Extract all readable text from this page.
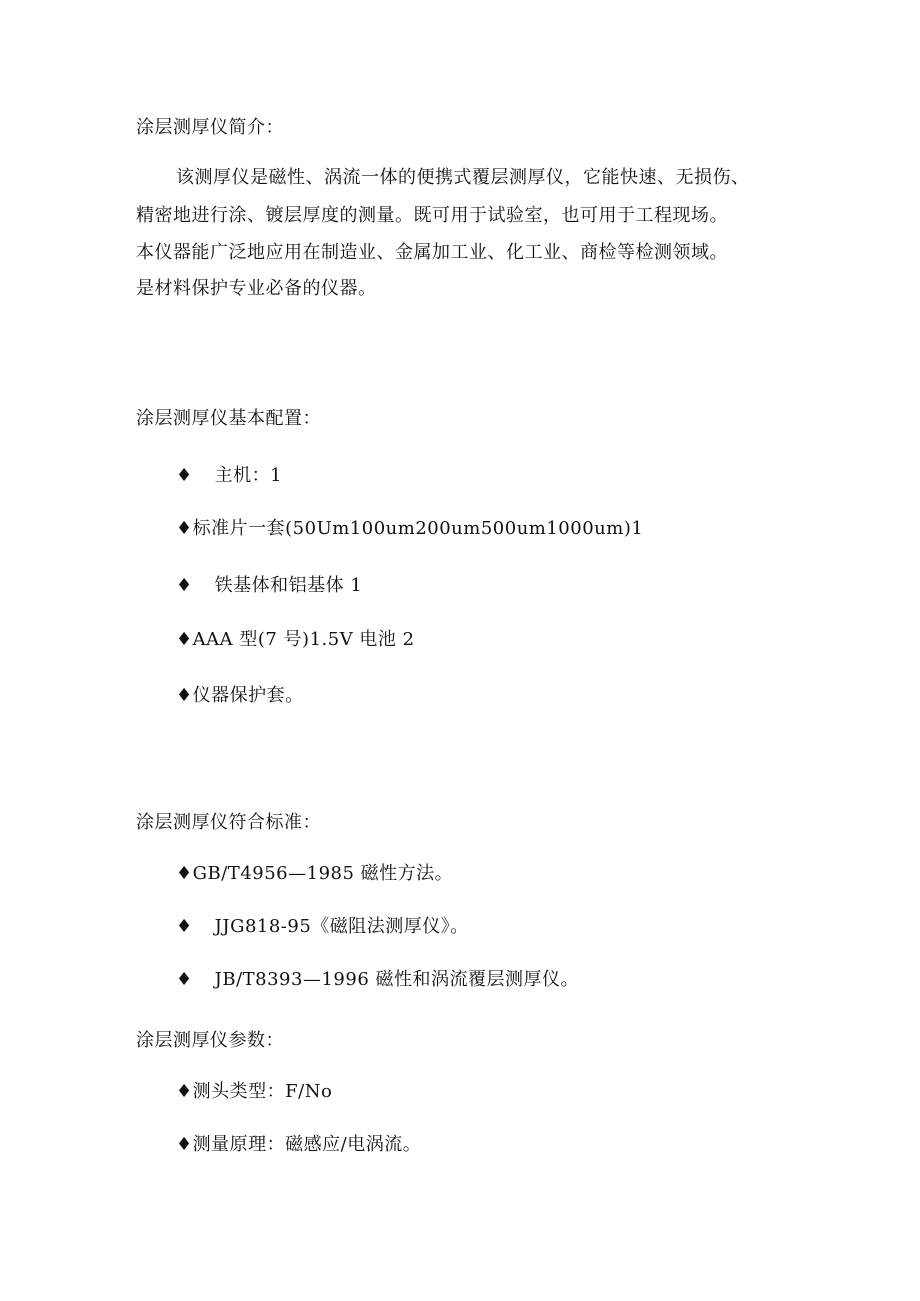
涂层测厚仪简介：
该测厚仪是磁性、涡流一体的便携式覆层测厚仪，它能快速、无损伤、
精密地进行涂、镀层厚度的测量。既可用于试验室，也可用于工程现场。
本仪器能广泛地应用在制造业、金属加工业、化工业、商检等检测领域。
是材料保护专业必备的仪器。
涂层测厚仪基本配置：
♦ 主机：1
♦标准片一套(50Um100um200um500um1000um)1
♦ 铁基体和铝基体 1
♦AAA 型(7 号)1.5V 电池 2
♦仪器保护套。
涂层测厚仪符合标准：
♦GB/T4956—1985 磁性方法。
♦ JJG818-95《磁阻法测厚仪》。
♦ JB/T8393—1996 磁性和涡流覆层测厚仪。
涂层测厚仪参数：
♦测头类型：F/No
♦测量原理：磁感应/电涡流。
